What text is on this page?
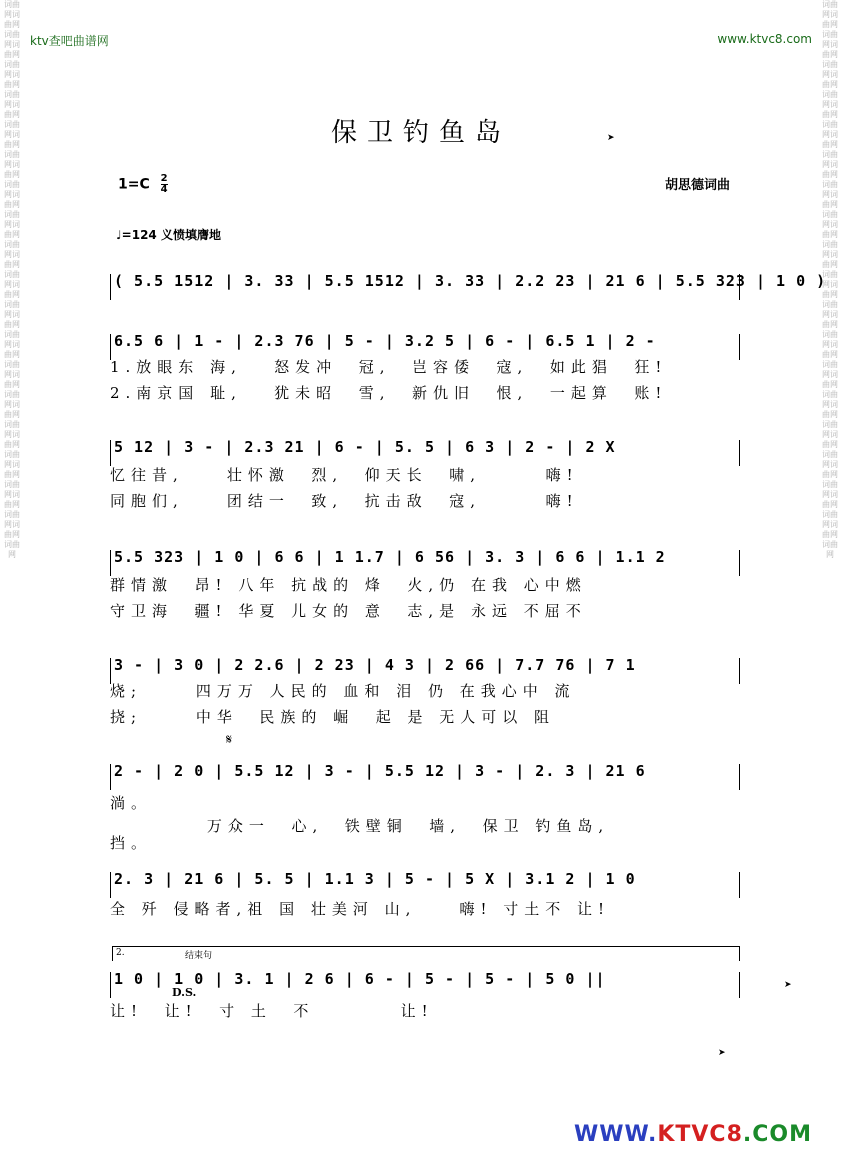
词曲网词曲网词曲网词曲网词曲网词曲网词曲网词曲网词曲网词曲网词曲网词曲网词曲网词曲网词曲网词曲网词曲网词曲网词曲网词曲网词曲网词曲网词曲网词曲网词曲网词曲网词曲网词曲网词曲网词曲网词曲网词曲网词曲网词曲网词曲网词曲网词曲网
词曲网词曲网词曲网词曲网词曲网词曲网词曲网词曲网词曲网词曲网词曲网词曲网词曲网词曲网词曲网词曲网词曲网词曲网词曲网词曲网词曲网词曲网词曲网词曲网词曲网词曲网词曲网词曲网词曲网词曲网词曲网词曲网词曲网词曲网词曲网词曲网词曲网
ktv查吧曲谱网	www.ktvc8.com
保卫钓鱼岛	➤
$1=C \frac{2}{4}$	胡思德词曲
♩=124 义愤填膺地
( 5.5 1512 | 3. 33 | 5.5 1512 | 3. 33 | 2.2 23 | 21 6 | 5.5 323 | 1 0 )
6.5 6 | 1 - | 2.3 76 | 5 - | 3.2 5 | 6 - | 6.5 1 | 2 -
1.放眼东 海,   怒发冲  冠,  岂容倭  寇,  如此猖  狂!
2.南京国 耻,   犹未昭  雪,  新仇旧  恨,  一起算  账!
5 12 | 3 - | 2.3 21 | 6 - | 5. 5 | 6 3 | 2 - | 2 X
忆往昔,    壮怀激  烈,  仰天长  啸,      嗨!
同胞们,    团结一  致,  抗击敌  寇,      嗨!
5.5 323 | 1 0 | 6 6 | 1 1.7 | 6 56 | 3. 3 | 6 6 | 1.1 2
群情激  昂! 八年 抗战的 烽  火,仍 在我 心中燃
守卫海  疆! 华夏 儿女的 意  志,是 永远 不屈不
3 - | 3 0 | 2 2.6 | 2 23 | 4 3 | 2 66 | 7.7 76 | 7 1
烧;     四万万 人民的 血和 泪 仍 在我心中 流
挠;     中华  民族的 崛  起 是 无人可以 阻
𝄋
2 - | 2 0 | 5.5 12 | 3 - | 5.5 12 | 3 - | 2. 3 | 21 6
淌。
万众一  心,  铁壁铜  墙,  保卫 钓鱼岛,
挡。
2. 3 | 21 6 | 5. 5 | 1.1 3 | 5 - | 5 X | 3.1 2 | 1 0
全 歼 侵略者,祖 国 壮美河 山,    嗨! 寸土不 让!
2.	结束句
1 0 | 1 0 | 3. 1 | 2 6 | 6 - | 5 - | 5 - | 5 0 ||
D.S.
让!  让!  寸 土  不        让!
➤
➤
WWW.KTVC8.COM
